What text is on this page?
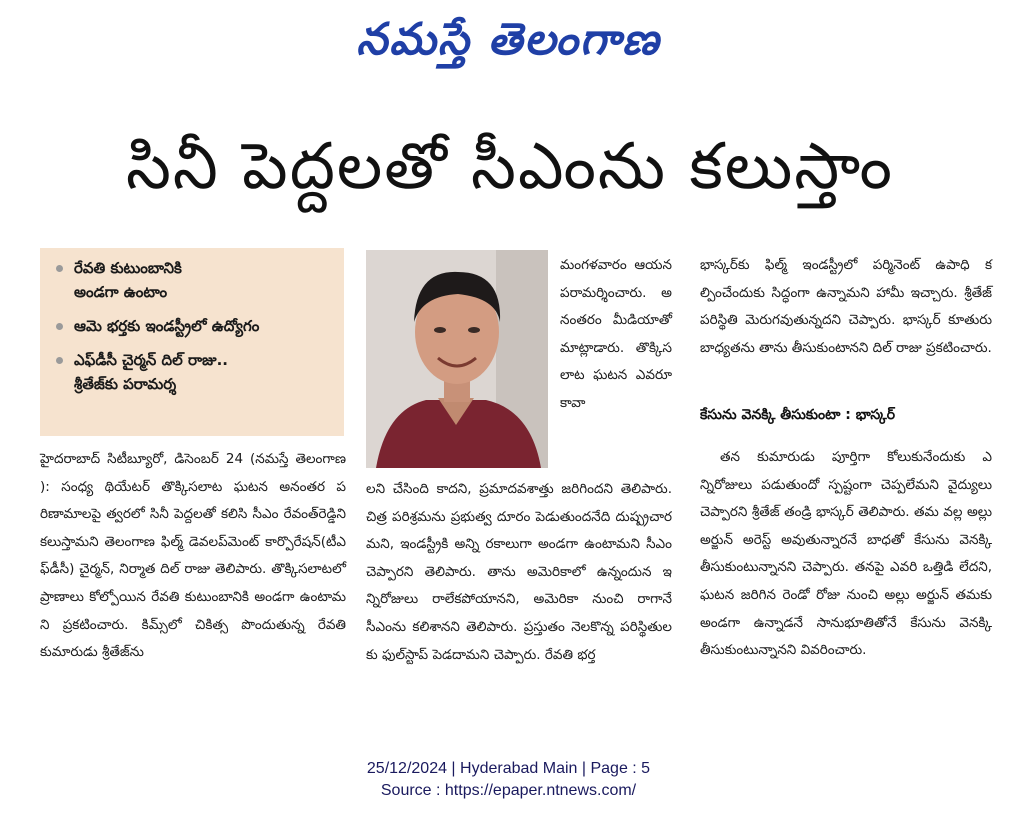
నమస్తే తెలంగాణ
సినీ పెద్దలతో సీఎంను కలుస్తాం
రేవతి కుటుంబానికి
అండగా ఉంటాం
ఆమె భర్తకు ఇండస్ట్రీలో ఉద్యోగం
ఎఫ్‌డీసీ చైర్మన్ దిల్ రాజు..
శ్రీతేజ్‌కు పరామర్శ
హైదరాబాద్ సిటీబ్యూరో, డిసెంబర్ 24 (నమస్తే తెలంగాణ ): సంధ్య థియేటర్ తొక్కిసలాట ఘటన అనంతర పరిణామాలపై త్వరలో సినీ పెద్దలతో కలిసి సీఎం రేవంత్‌రెడ్డిని కలుస్తామని తెలంగాణ ఫిల్మ్ డెవలప్‌మెంట్ కార్పొరేషన్(టీఎఫ్‌డీసీ) చైర్మన్, నిర్మాత దిల్ రాజు తెలిపారు. తొక్కిసలాటలో ప్రాణాలు కోల్పోయిన రేవతి కుటుంబానికి అండగా ఉంటామని ప్రకటించారు. కిమ్స్‌లో చికిత్స పొందుతున్న రేవతి కుమారుడు శ్రీతేజ్‌ను
మంగళవారం ఆయన పరామర్శించారు. అనంతరం మీడియాతో మాట్లాడారు. తొక్కిసలాట ఘటన ఎవరూ కావా
లని చేసింది కాదని, ప్రమాదవశాత్తు జరిగిందని తెలిపారు. చిత్ర పరిశ్రమను ప్రభుత్వ దూరం పెడుతుందనేది దుష్ప్రచారమని, ఇండస్ట్రీకి అన్ని రకాలుగా అండగా ఉంటామని సీఎం చెప్పారని తెలిపారు. తాను అమెరికాలో ఉన్నందున ఇన్నిరోజులు రాలేకపోయానని, అమెరికా నుంచి రాగానే సీఎంను కలిశానని తెలిపారు. ప్రస్తుతం నెలకొన్న పరిస్థితులకు ఫుల్‌స్టాప్ పెడదామని చెప్పారు. రేవతి భర్త
భాస్కర్‌కు ఫిల్మ్ ఇండస్ట్రీలో పర్మినెంట్ ఉపాధి కల్పించేందుకు సిద్ధంగా ఉన్నామని హామీ ఇచ్చారు. శ్రీతేజ్ పరిస్థితి మెరుగవుతున్నదని చెప్పారు. భాస్కర్ కూతురు బాధ్యతను తాను తీసుకుంటానని దిల్ రాజు ప్రకటించారు.
కేసును వెనక్కి తీసుకుంటా : భాస్కర్
తన కుమారుడు పూర్తిగా కోలుకునేందుకు ఎన్నిరోజులు పడుతుందో స్పష్టంగా చెప్పలేమని వైద్యులు చెప్పారని శ్రీతేజ్ తండ్రి భాస్కర్ తెలిపారు. తమ వల్ల అల్లు అర్జున్ అరెస్ట్ అవుతున్నారనే బాధతో కేసును వెనక్కి తీసుకుంటున్నానని చెప్పారు. తనపై ఎవరి ఒత్తిడి లేదని, ఘటన జరిగిన రెండో రోజు నుంచి అల్లు అర్జున్ తమకు అండగా ఉన్నాడనే సానుభూతితోనే కేసును వెనక్కి తీసుకుంటున్నానని వివరించారు.
25/12/2024 | Hyderabad Main | Page : 5
Source : https://epaper.ntnews.com/
